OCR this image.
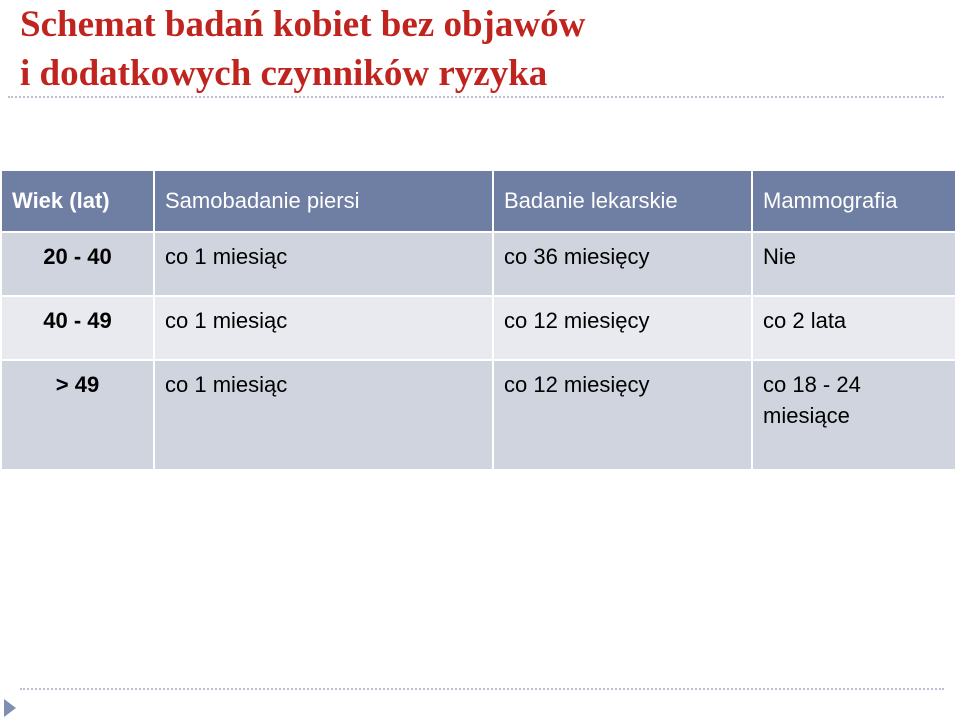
Schemat badań kobiet bez objawów
i dodatkowych czynników ryzyka
Wiek (lat)	Samobadanie piersi	Badanie lekarskie	Mammografia
20 - 40	co 1 miesiąc	co 36 miesięcy	Nie
40 - 49	co 1 miesiąc	co 12 miesięcy	co 2 lata
> 49	co 1 miesiąc	co 12 miesięcy	co 18 - 24 miesiące
